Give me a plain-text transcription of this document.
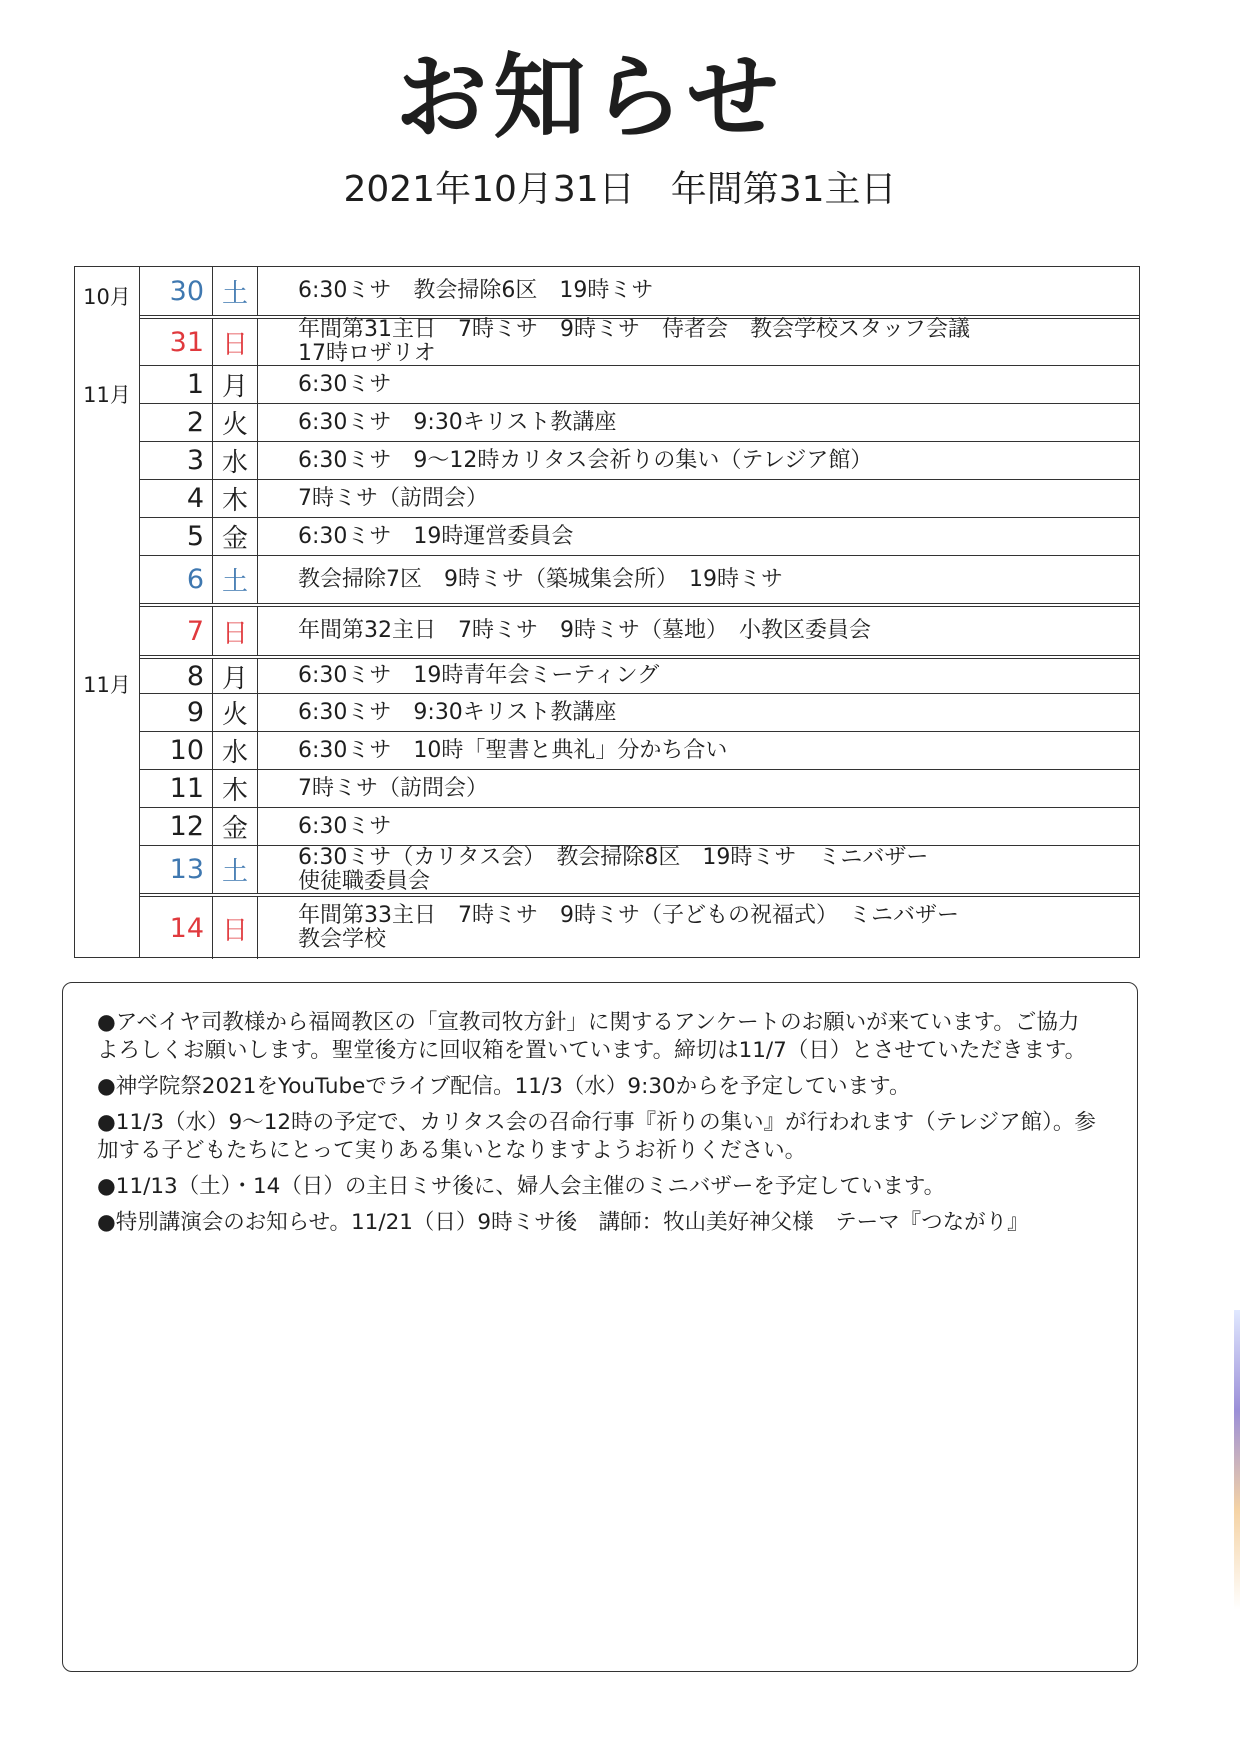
お知らせ
2021年10月31日　年間第31主日
10月
11月
11月
30 土	6:30ミサ　教会掃除6区　19時ミサ
31 日	年間第31主日　7時ミサ　9時ミサ　侍者会　教会学校スタッフ会議
17時ロザリオ
1 月	6:30ミサ
2 火	6:30ミサ　9:30キリスト教講座
3 水	6:30ミサ　9～12時カリタス会祈りの集い（テレジア館）
4 木	7時ミサ（訪問会）
5 金	6:30ミサ　19時運営委員会
6 土	教会掃除7区　9時ミサ（築城集会所）　19時ミサ
7 日	年間第32主日　7時ミサ　9時ミサ（墓地）　小教区委員会
8 月	6:30ミサ　19時青年会ミーティング
9 火	6:30ミサ　9:30キリスト教講座
10 水	6:30ミサ　10時「聖書と典礼」分かち合い
11 木	7時ミサ（訪問会）
12 金	6:30ミサ
13 土	6:30ミサ（カリタス会）　教会掃除8区　19時ミサ　ミニバザー
使徒職委員会
14 日	年間第33主日　7時ミサ　9時ミサ（子どもの祝福式）　ミニバザー
教会学校

●アベイヤ司教様から福岡教区の「宣教司牧方針」に関するアンケートのお願いが来ています。ご協力よろしくお願いします。聖堂後方に回収箱を置いています。締切は11/7（日）とさせていただきます。

●神学院祭2021をYouTubeでライブ配信。11/3（水）9:30からを予定しています。

●11/3（水）9～12時の予定で、カリタス会の召命行事『祈りの集い』が行われます（テレジア館）。参加する子どもたちにとって実りある集いとなりますようお祈りください。

●11/13（土）・14（日）の主日ミサ後に、婦人会主催のミニバザーを予定しています。

●特別講演会のお知らせ。11/21（日）9時ミサ後　講師：牧山美好神父様　テーマ『つながり』
